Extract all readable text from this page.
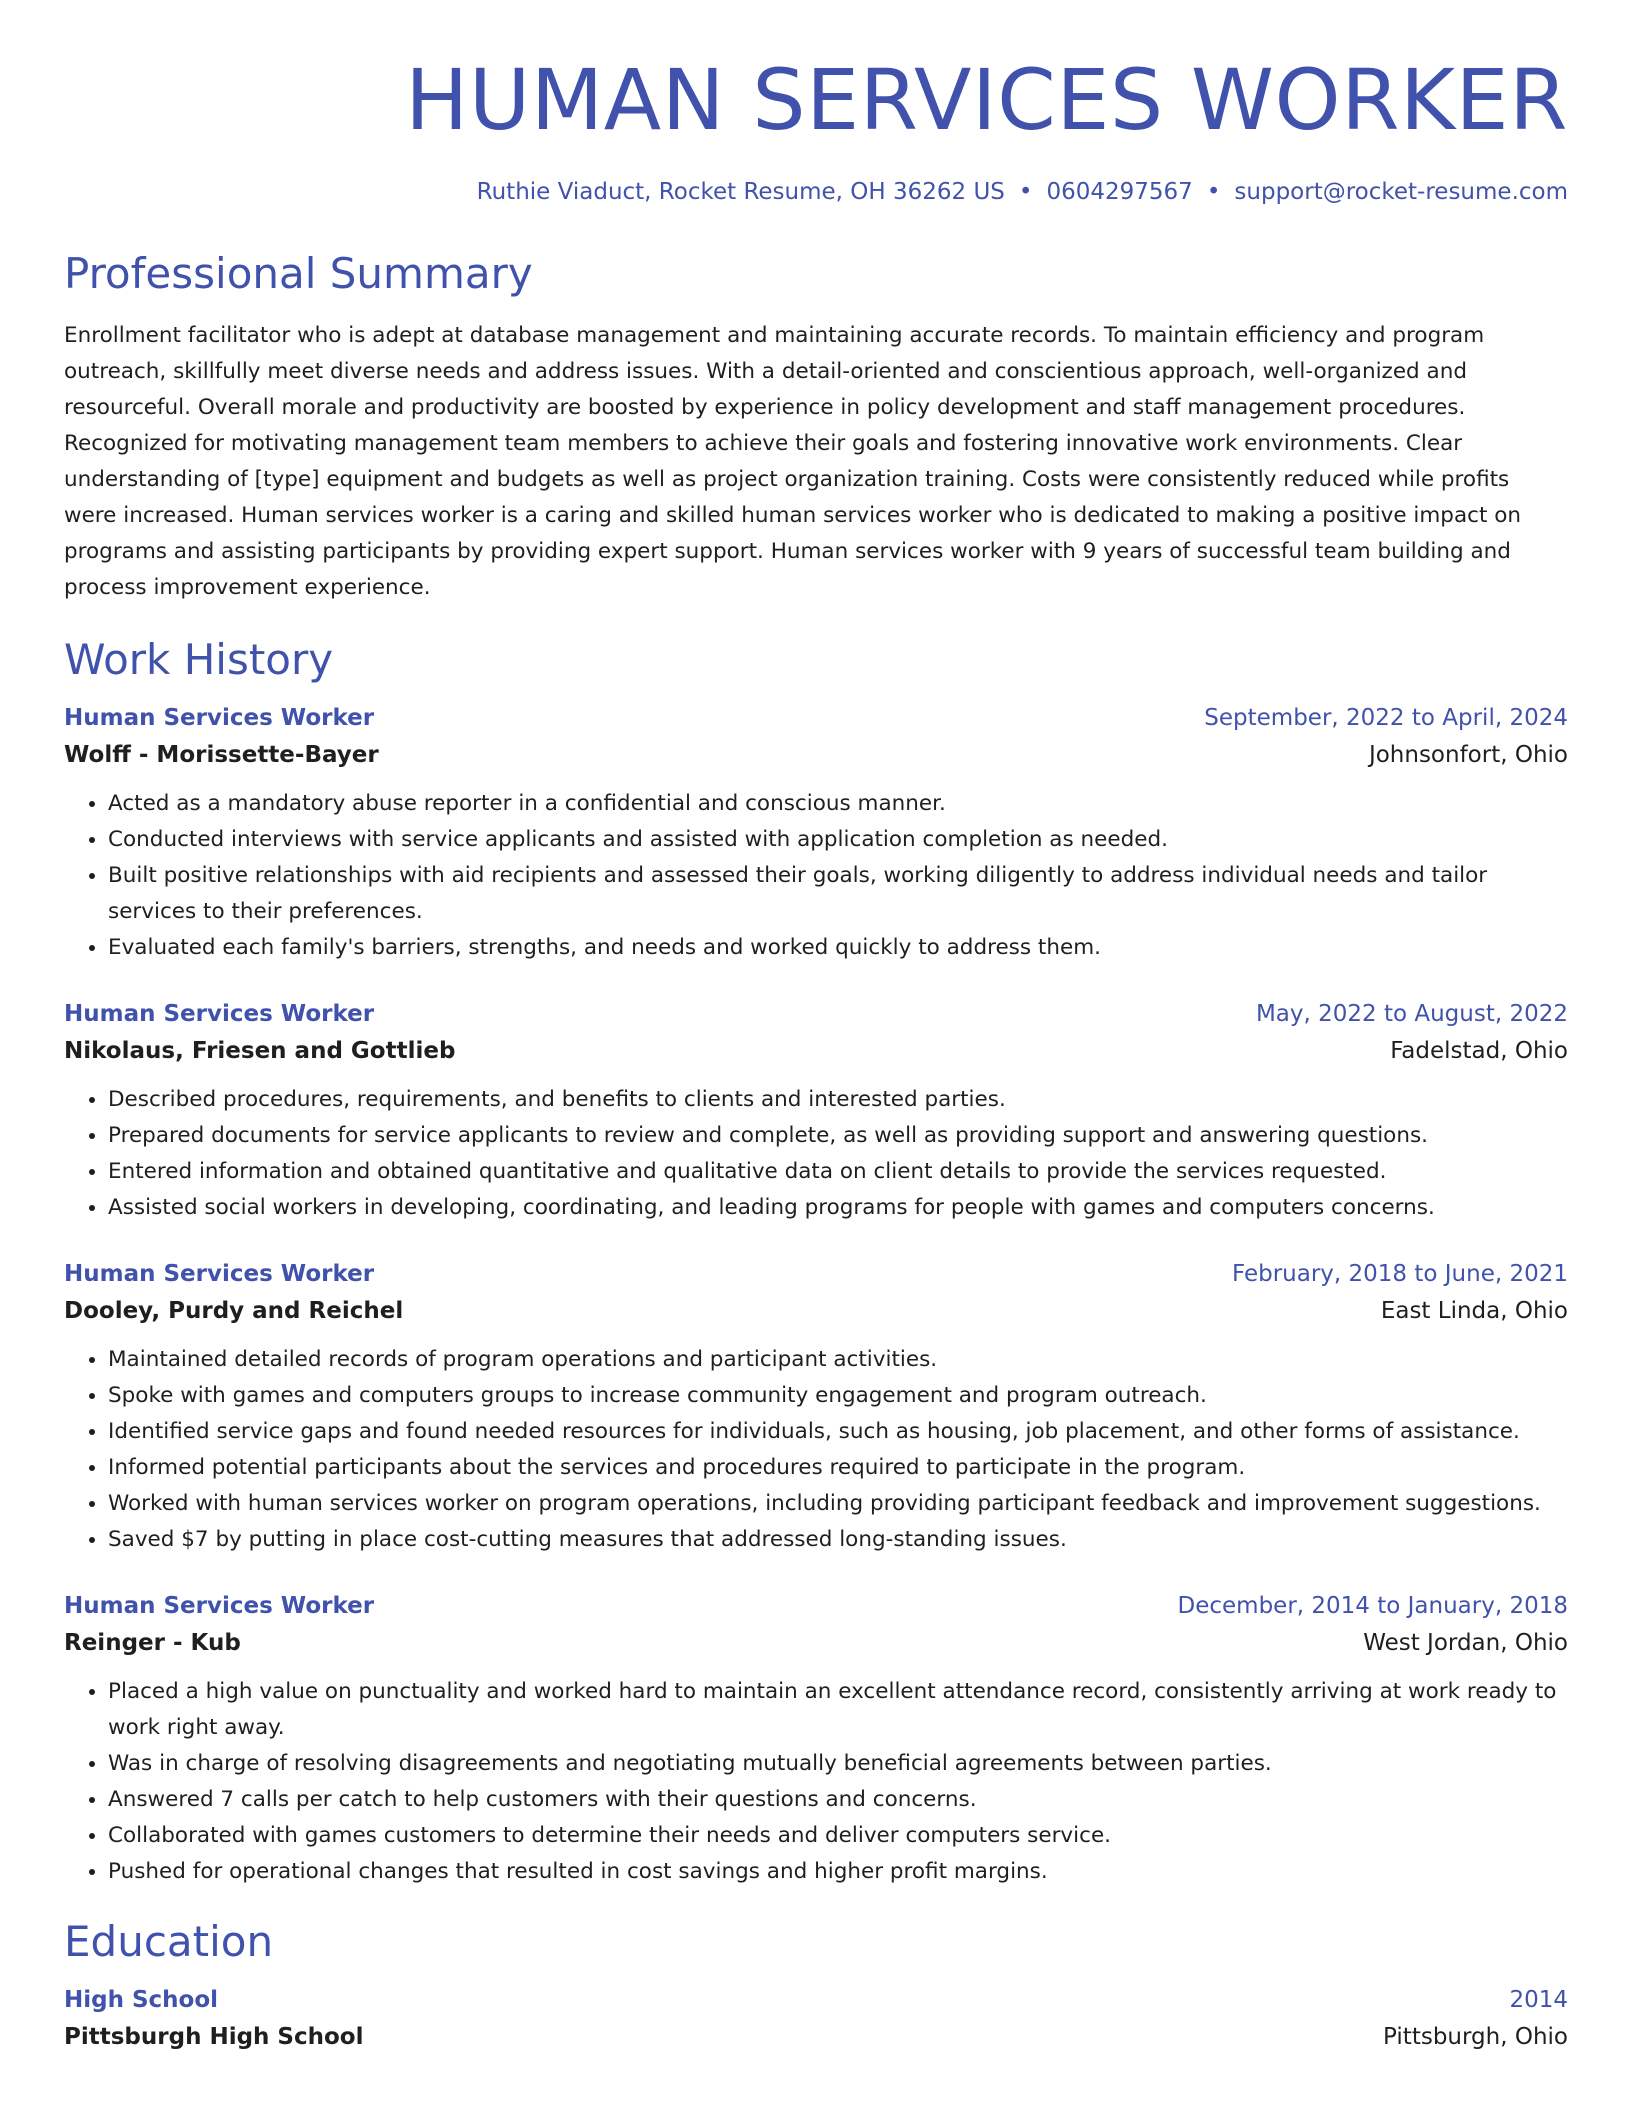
HUMAN SERVICES WORKER
Ruthie Viaduct, Rocket Resume, OH 36262 US • 0604297567 • support@rocket-resume.com
Professional Summary
Enrollment facilitator who is adept at database management and maintaining accurate records. To maintain efficiency and program outreach, skillfully meet diverse needs and address issues. With a detail-oriented and conscientious approach, well-organized and resourceful. Overall morale and productivity are boosted by experience in policy development and staff management procedures. Recognized for motivating management team members to achieve their goals and fostering innovative work environments. Clear understanding of [type] equipment and budgets as well as project organization training. Costs were consistently reduced while profits were increased. Human services worker is a caring and skilled human services worker who is dedicated to making a positive impact on programs and assisting participants by providing expert support. Human services worker with 9 years of successful team building and process improvement experience.
Work History
Human Services Worker	September, 2022 to April, 2024
Wolff - Morissette-Bayer	Johnsonfort, Ohio
• Acted as a mandatory abuse reporter in a confidential and conscious manner.
• Conducted interviews with service applicants and assisted with application completion as needed.
• Built positive relationships with aid recipients and assessed their goals, working diligently to address individual needs and tailor services to their preferences.
• Evaluated each family's barriers, strengths, and needs and worked quickly to address them.
Human Services Worker	May, 2022 to August, 2022
Nikolaus, Friesen and Gottlieb	Fadelstad, Ohio
• Described procedures, requirements, and benefits to clients and interested parties.
• Prepared documents for service applicants to review and complete, as well as providing support and answering questions.
• Entered information and obtained quantitative and qualitative data on client details to provide the services requested.
• Assisted social workers in developing, coordinating, and leading programs for people with games and computers concerns.
Human Services Worker	February, 2018 to June, 2021
Dooley, Purdy and Reichel	East Linda, Ohio
• Maintained detailed records of program operations and participant activities.
• Spoke with games and computers groups to increase community engagement and program outreach.
• Identified service gaps and found needed resources for individuals, such as housing, job placement, and other forms of assistance.
• Informed potential participants about the services and procedures required to participate in the program.
• Worked with human services worker on program operations, including providing participant feedback and improvement suggestions.
• Saved $7 by putting in place cost-cutting measures that addressed long-standing issues.
Human Services Worker	December, 2014 to January, 2018
Reinger - Kub	West Jordan, Ohio
• Placed a high value on punctuality and worked hard to maintain an excellent attendance record, consistently arriving at work ready to work right away.
• Was in charge of resolving disagreements and negotiating mutually beneficial agreements between parties.
• Answered 7 calls per catch to help customers with their questions and concerns.
• Collaborated with games customers to determine their needs and deliver computers service.
• Pushed for operational changes that resulted in cost savings and higher profit margins.
Education
High School	2014
Pittsburgh High School	Pittsburgh, Ohio
